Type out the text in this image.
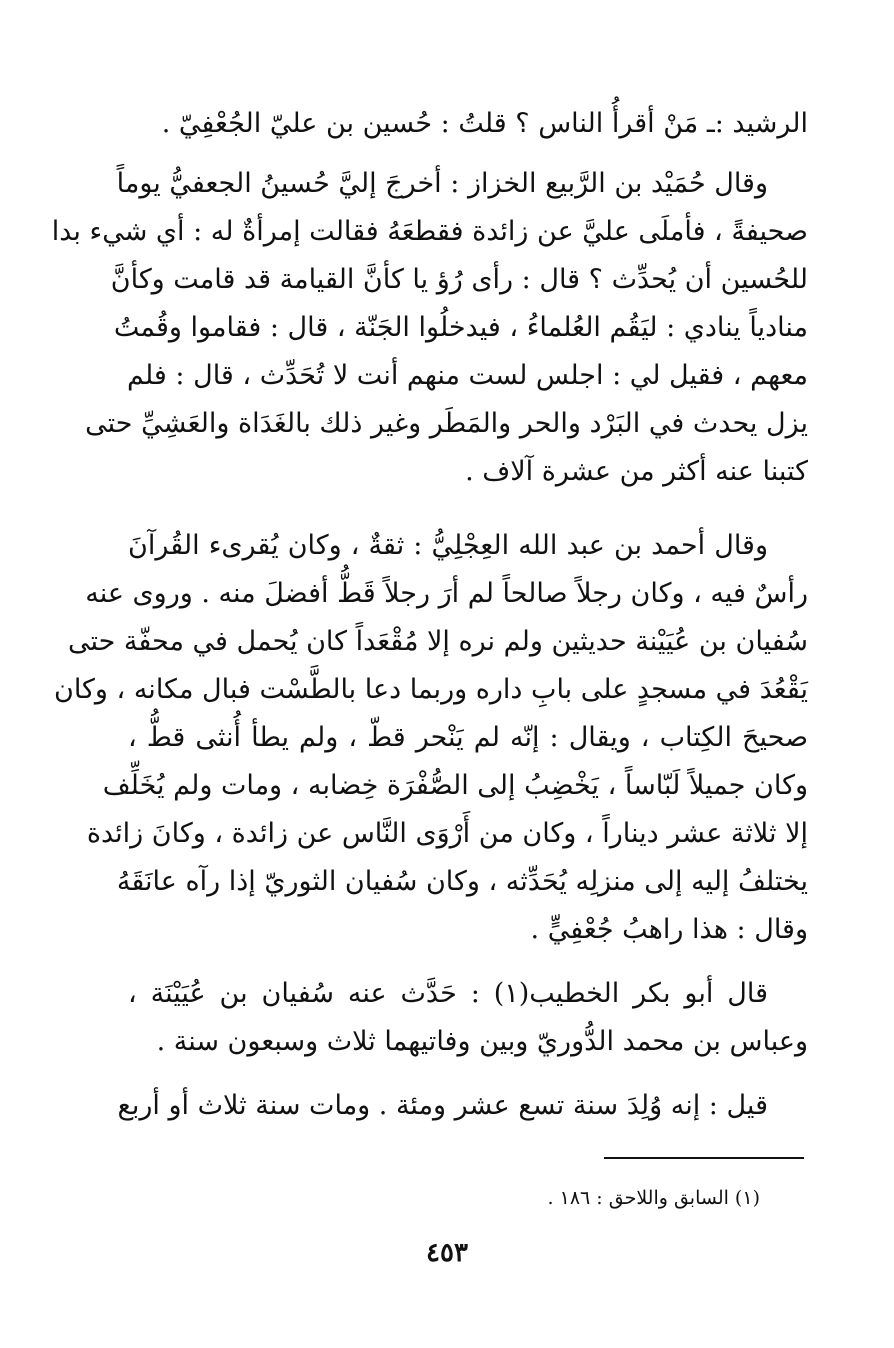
الرشيد :ـ مَنْ أقرأُ الناس ؟ قلتُ : حُسين بن عليّ الجُعْفِيّ .
وقال حُمَيْد بن الرَّبيع الخزاز : أخرجَ إليَّ حُسينُ الجعفيُّ يوماً
صحيفةً ، فأملَى عليَّ عن زائدة فقطعَهُ فقالت إمرأةٌ له : أي شيء بدا
للحُسين أن يُحدِّث ؟ قال : رأى رُؤ يا كأنَّ القيامة قد قامت وكأنَّ
منادياً ينادي : ليَقُم العُلماءُ ، فيدخلُوا الجَنّة ، قال : فقاموا وقُمتُ
معهم ، فقيل لي : اجلس لست منهم أنت لا تُحَدِّث ، قال : فلم
يزل يحدث في البَرْد والحر والمَطَر وغير ذلك بالغَدَاة والعَشِيِّ حتى
كتبنا عنه أكثر من عشرة آلاف .
وقال أحمد بن عبد الله العِجْلِيُّ : ثقةٌ ، وكان يُقرىء القُرآنَ
رأسٌ فيه ، وكان رجلاً صالحاً لم أرَ رجلاً قَطُّ أفضلَ منه . وروى عنه
سُفيان بن عُيَيْنة حديثين ولم نره إلا مُقْعَداً كان يُحمل في محفّة حتى
يَقْعُدَ في مسجدٍ على بابِ داره وربما دعا بالطَّسْت فبال مكانه ، وكان
صحيحَ الكِتاب ، ويقال : إنّه لم يَنْحر قطّ ، ولم يطأ أُنثى قطُّ ،
وكان جميلاً لَبّاساً ، يَخْضِبُ إلى الصُّفْرَة خِضابه ، ومات ولم يُخَلِّف
إلا ثلاثة عشر ديناراً ، وكان من أَرْوَى النَّاس عن زائدة ، وكانَ زائدة
يختلفُ إليه إلى منزلِه يُحَدِّثه ، وكان سُفيان الثوريّ إذا رآه عانَقَهُ
وقال : هذا راهبُ جُعْفِيٍّ .
قال أبو بكر الخطيب(١) : حَدَّث عنه سُفيان بن عُيَيْنَة ،
وعباس بن محمد الدُّوريّ وبين وفاتيهما ثلاث وسبعون سنة .
قيل : إنه وُلِدَ سنة تسع عشر ومئة . ومات سنة ثلاث أو أربع
(١) السابق واللاحق : ١٨٦ .
٤٥٣
